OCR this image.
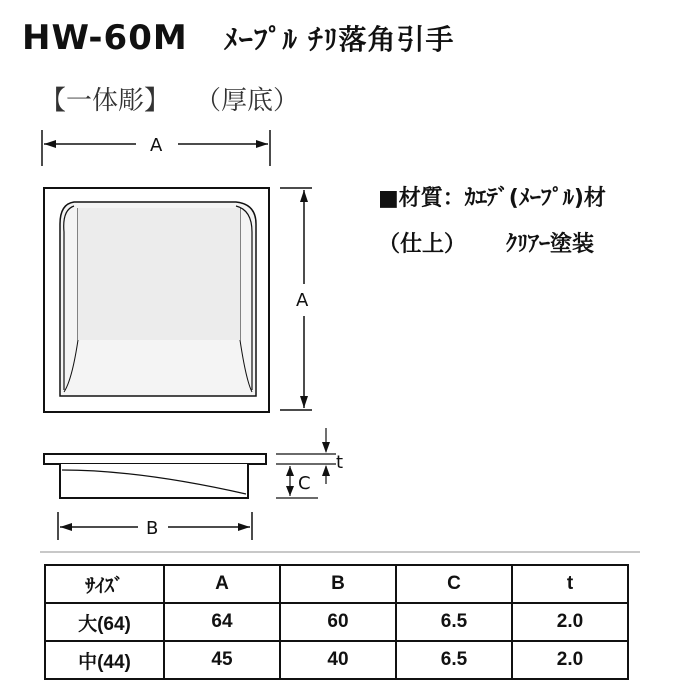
HW-60M ﾒｰﾌﾟﾙ ﾁﾘ落角引手
【一体彫】 （厚底）
A
A
t
C
B
■材質：ｶｴﾃﾞ(ﾒｰﾌﾟﾙ)材
（仕上） ｸﾘｱｰ塗装
ｻｲｽﾞ	A	B	C	t
大(64)	64	60	6.5	2.0
中(44)	45	40	6.5	2.0
